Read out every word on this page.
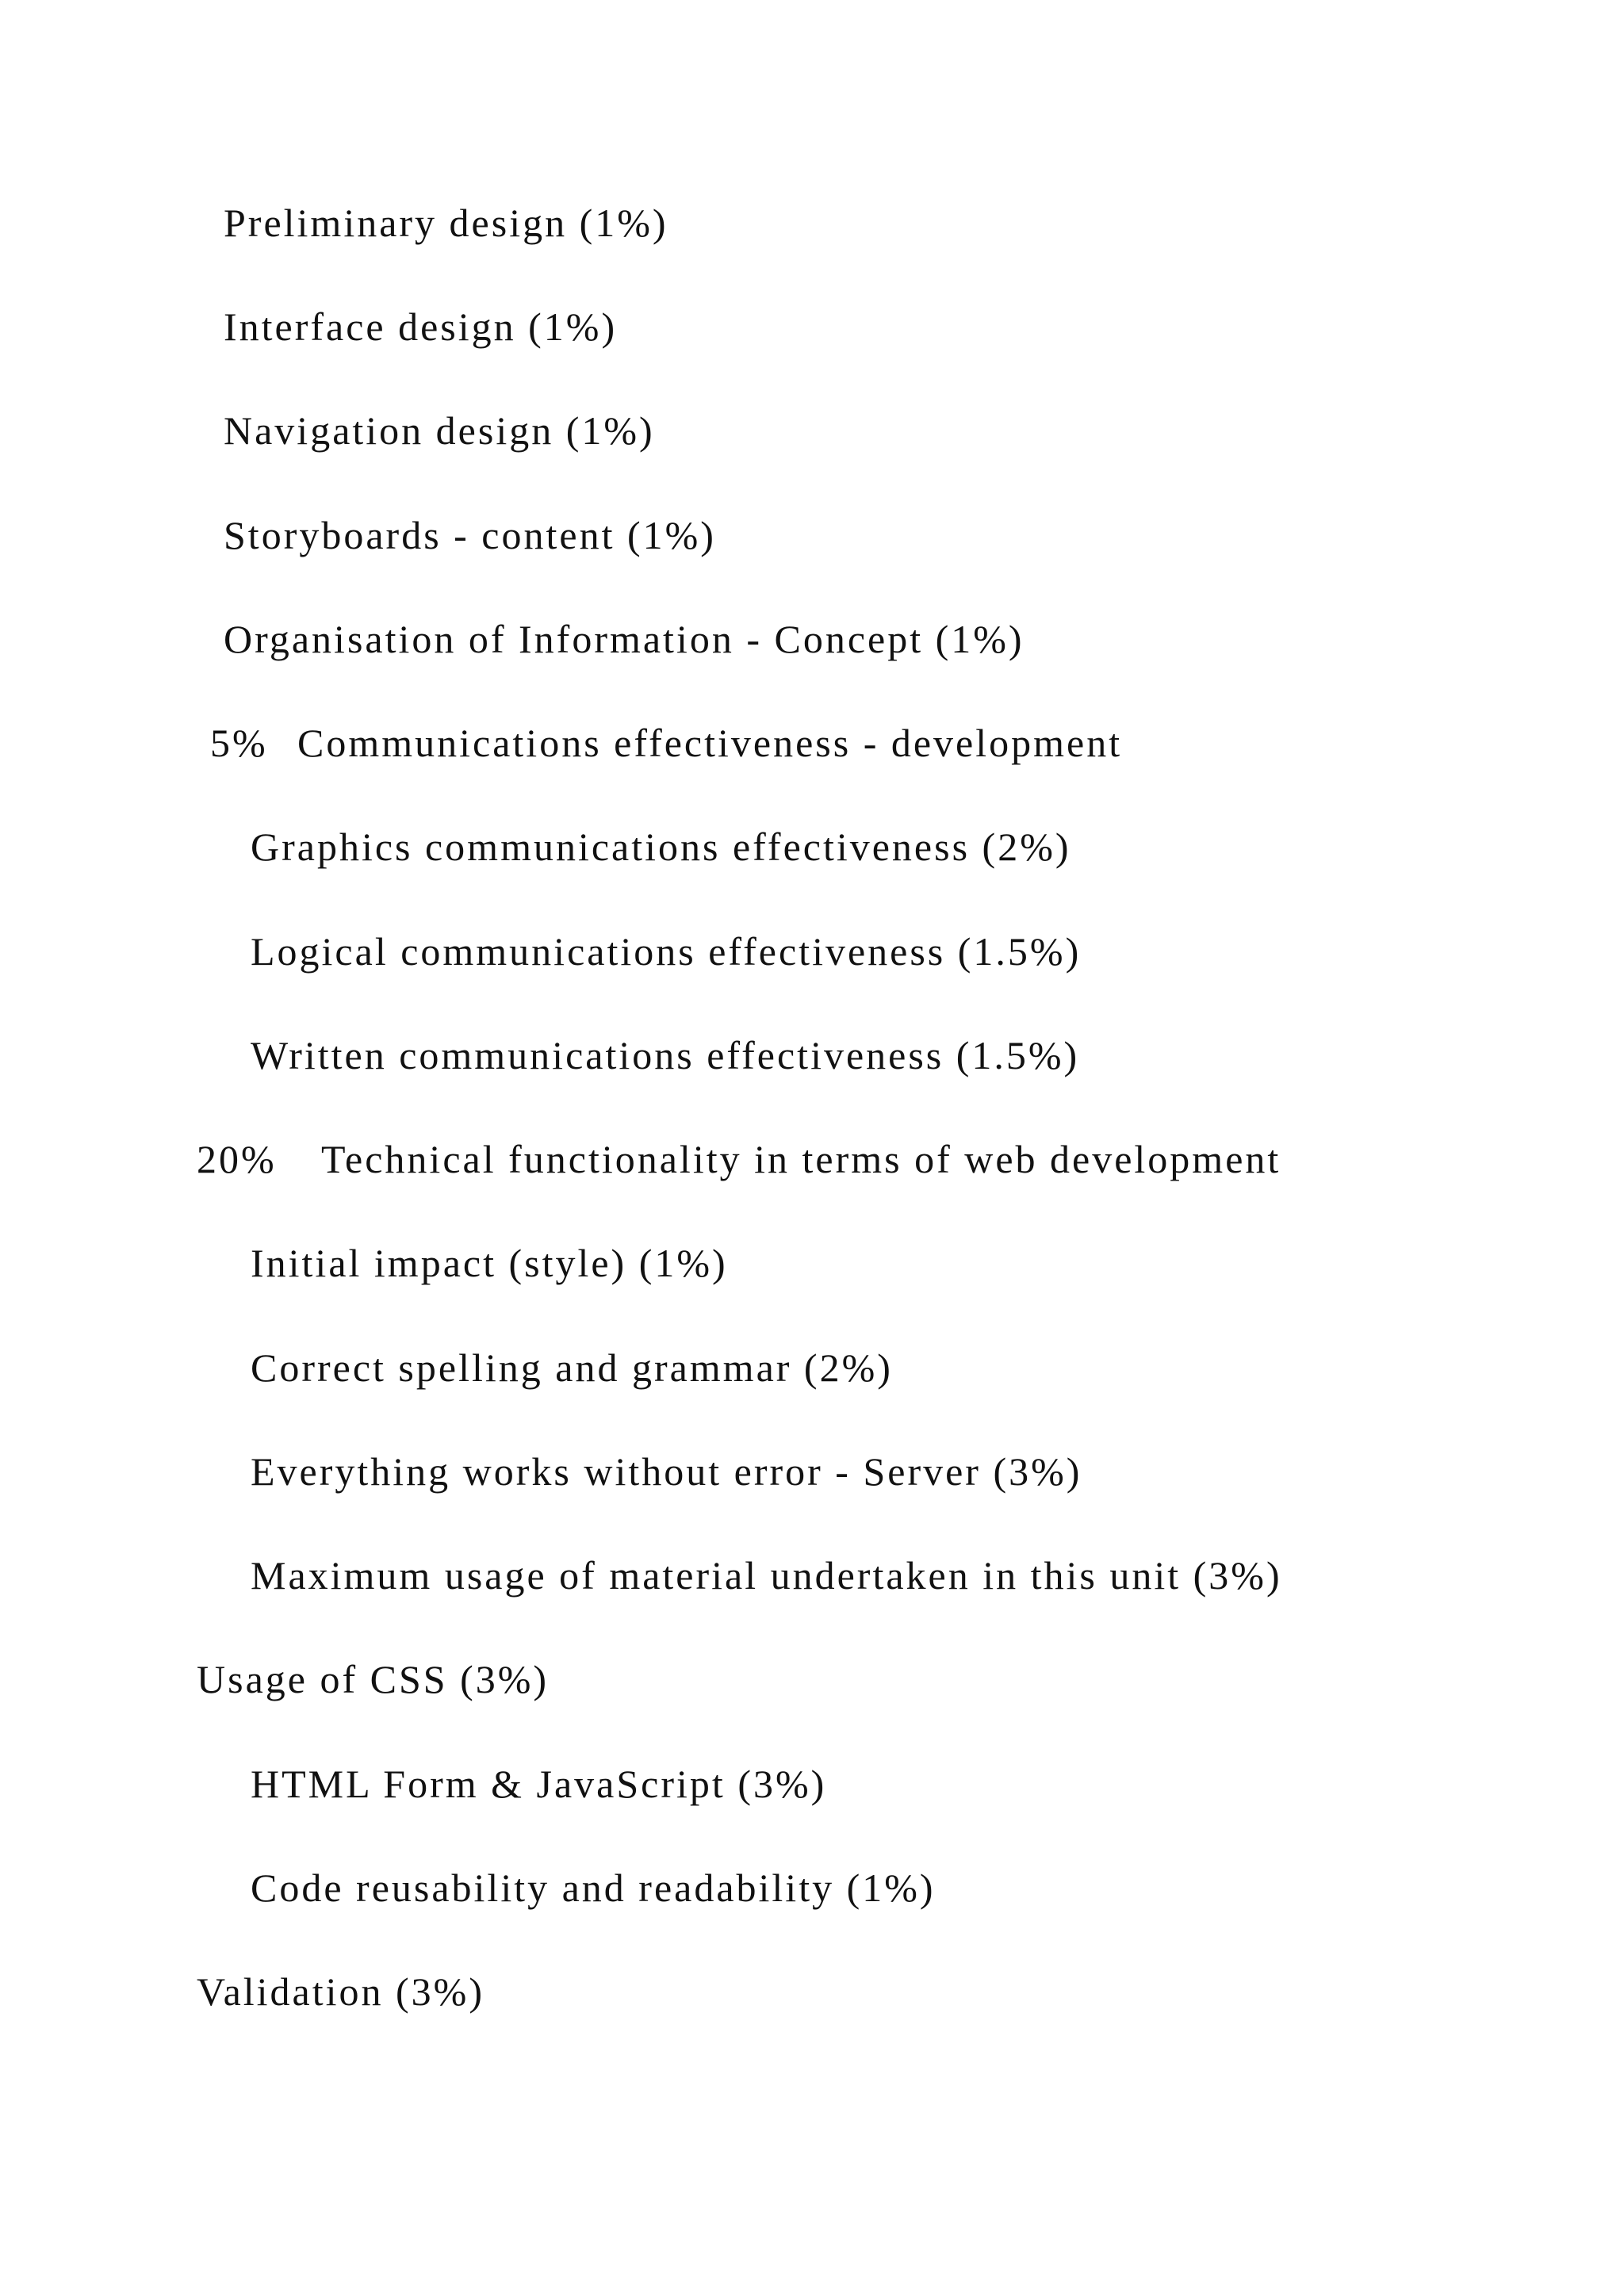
Preliminary design (1%)
Interface design (1%)
Navigation design (1%)
Storyboards - content (1%)
Organisation of Information - Concept (1%)
5% Communications effectiveness - development
Graphics communications effectiveness (2%)
Logical communications effectiveness (1.5%)
Written communications effectiveness (1.5%)
20% Technical functionality in terms of web development
Initial impact (style) (1%)
Correct spelling and grammar (2%)
Everything works without error - Server (3%)
Maximum usage of material undertaken in this unit (3%)
Usage of CSS (3%)
HTML Form & JavaScript (3%)
Code reusability and readability (1%)
Validation (3%)
